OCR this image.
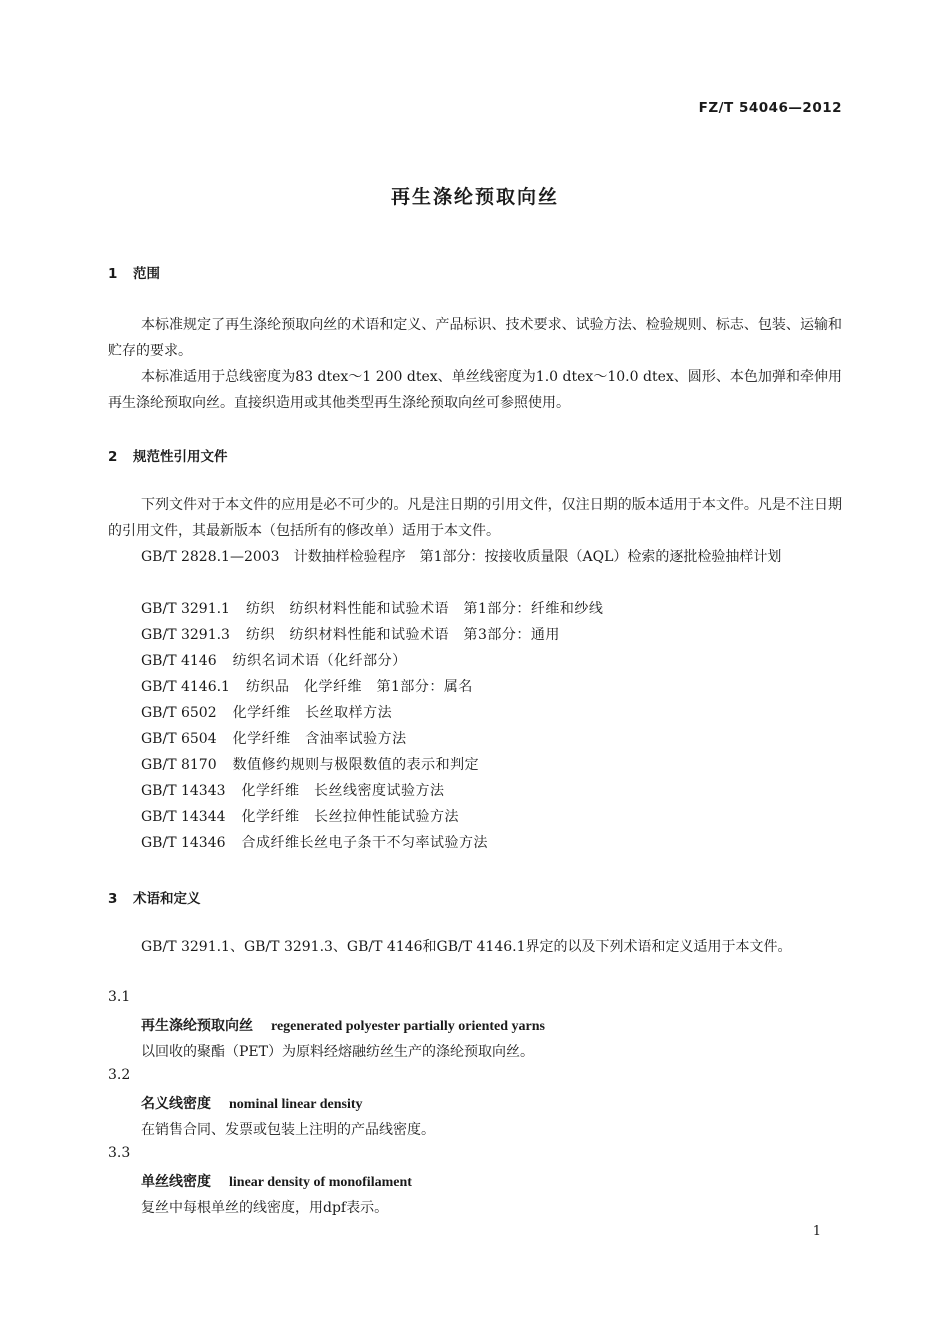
FZ/T 54046—2012
再生涤纶预取向丝
1 范围
本标准规定了再生涤纶预取向丝的术语和定义、产品标识、技术要求、试验方法、检验规则、标志、包装、运输和贮存的要求。
本标准适用于总线密度为83 dtex～1 200 dtex、单丝线密度为1.0 dtex～10.0 dtex、圆形、本色加弹和牵伸用再生涤纶预取向丝。直接织造用或其他类型再生涤纶预取向丝可参照使用。
2 规范性引用文件
下列文件对于本文件的应用是必不可少的。凡是注日期的引用文件，仅注日期的版本适用于本文件。凡是不注日期的引用文件，其最新版本（包括所有的修改单）适用于本文件。
GB/T 2828.1—2003　计数抽样检验程序　第1部分：按接收质量限（AQL）检索的逐批检验抽样计划
GB/T 3291.1 纺织　纺织材料性能和试验术语　第1部分：纤维和纱线
GB/T 3291.3 纺织　纺织材料性能和试验术语　第3部分：通用
GB/T 4146 纺织名词术语（化纤部分）
GB/T 4146.1 纺织品　化学纤维　第1部分：属名
GB/T 6502 化学纤维　长丝取样方法
GB/T 6504 化学纤维　含油率试验方法
GB/T 8170 数值修约规则与极限数值的表示和判定
GB/T 14343 化学纤维　长丝线密度试验方法
GB/T 14344 化学纤维　长丝拉伸性能试验方法
GB/T 14346 合成纤维长丝电子条干不匀率试验方法
3 术语和定义
GB/T 3291.1、GB/T 3291.3、GB/T 4146和GB/T 4146.1界定的以及下列术语和定义适用于本文件。
3.1
再生涤纶预取向丝 regenerated polyester partially oriented yarns
以回收的聚酯（PET）为原料经熔融纺丝生产的涤纶预取向丝。
3.2
名义线密度 nominal linear density
在销售合同、发票或包装上注明的产品线密度。
3.3
单丝线密度 linear density of monofilament
复丝中每根单丝的线密度，用dpf表示。
1
